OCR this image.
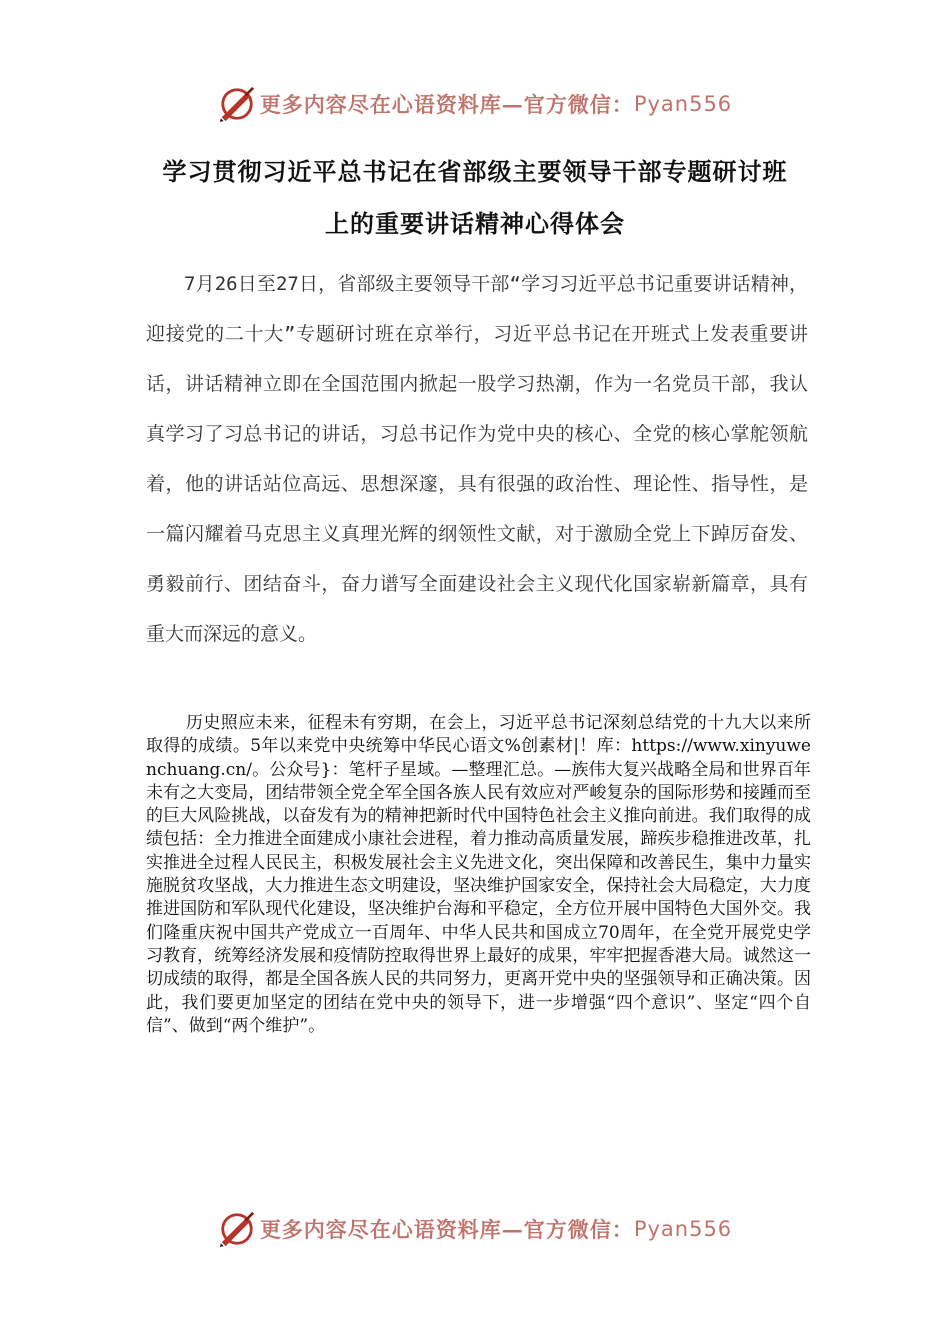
更多内容尽在心语资料库—官方微信： Pyan556
学习贯彻习近平总书记在省部级主要领导干部专题研讨班
上的重要讲话精神心得体会
7月26日至27日，省部级主要领导干部“学习习近平总书记重要讲话精神，迎接党的二十大”专题研讨班在京举行，习近平总书记在开班式上发表重要讲话，讲话精神立即在全国范围内掀起一股学习热潮，作为一名党员干部，我认真学习了习总书记的讲话，习总书记作为党中央的核心、全党的核心掌舵领航着，他的讲话站位高远、思想深邃，具有很强的政治性、理论性、指导性，是一篇闪耀着马克思主义真理光辉的纲领性文献，对于激励全党上下踔厉奋发、勇毅前行、团结奋斗，奋力谱写全面建设社会主义现代化国家崭新篇章，具有重大而深远的意义。
历史照应未来，征程未有穷期，在会上，习近平总书记深刻总结党的十九大以来所取得的成绩。5年以来党中央统筹中华民心语文%创素材|！库：https://www.xinyuwenchuang.cn/。公众号}：笔杆子星域。—整理汇总。—族伟大复兴战略全局和世界百年未有之大变局，团结带领全党全军全国各族人民有效应对严峻复杂的国际形势和接踵而至的巨大风险挑战，以奋发有为的精神把新时代中国特色社会主义推向前进。我们取得的成绩包括：全力推进全面建成小康社会进程，着力推动高质量发展，蹄疾步稳推进改革，扎实推进全过程人民民主，积极发展社会主义先进文化，突出保障和改善民生，集中力量实施脱贫攻坚战，大力推进生态文明建设，坚决维护国家安全，保持社会大局稳定，大力度推进国防和军队现代化建设，坚决维护台海和平稳定，全方位开展中国特色大国外交。我们隆重庆祝中国共产党成立一百周年、中华人民共和国成立70周年，在全党开展党史学习教育，统筹经济发展和疫情防控取得世界上最好的成果，牢牢把握香港大局。诚然这一切成绩的取得，都是全国各族人民的共同努力，更离开党中央的坚强领导和正确决策。因此，我们要更加坚定的团结在党中央的领导下，进一步增强“四个意识”、坚定“四个自信”、做到“两个维护”。
更多内容尽在心语资料库—官方微信： Pyan556
